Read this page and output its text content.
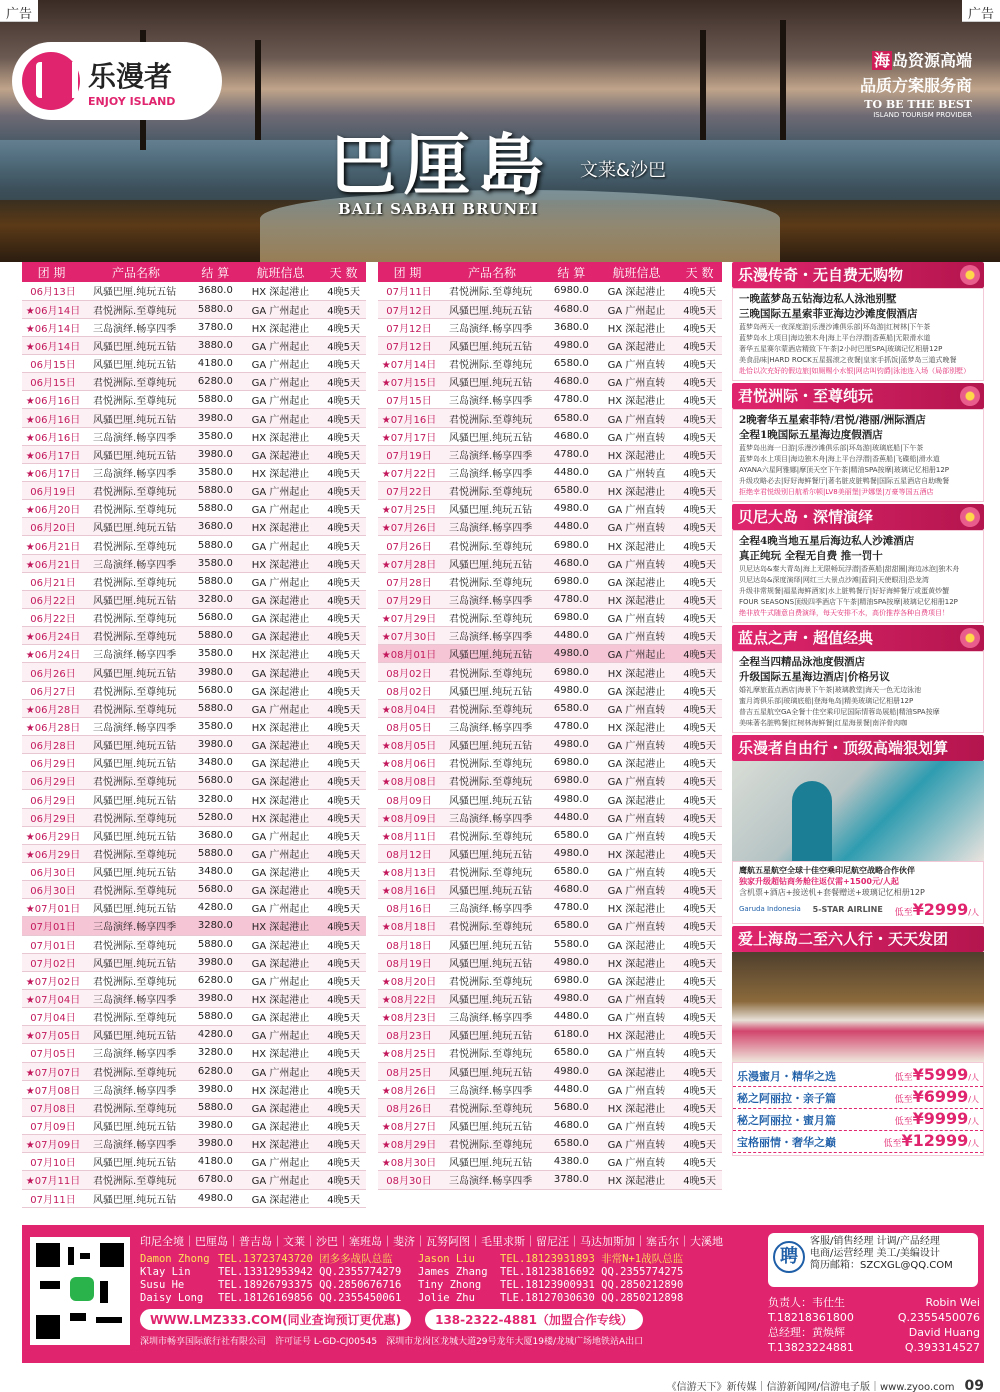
乐漫者
ENJOY ISLAND
巴厘島 文莱&沙巴
BALI SABAH BRUNEI
海 岛资源高端
品质方案服务商
TO BE THE BEST
ISLAND TOURISM PROVIDER
广告	广告
团 期	产品名称	结 算	航班信息	天 数
06月13日	风骚巴厘.纯玩五钻	3680.0	HX 深起港止	4晚5天
★06月14日	君悦洲际.至尊纯玩	5880.0	GA 广州起止	4晚5天
★06月14日	三岛演绎.畅享四季	3780.0	HX 深起港止	4晚5天
★06月14日	风骚巴厘.纯玩五钻	3880.0	GA 广州起止	4晚5天
06月15日	风骚巴厘.纯玩五钻	4180.0	GA 广州起止	4晚5天
06月15日	君悦洲际.至尊纯玩	6280.0	GA 广州起止	4晚5天
★06月16日	君悦洲际.至尊纯玩	5880.0	GA 广州起止	4晚5天
★06月16日	风骚巴厘.纯玩五钻	3980.0	GA 广州起止	4晚5天
★06月16日	三岛演绎.畅享四季	3580.0	HX 深起港止	4晚5天
★06月17日	风骚巴厘.纯玩五钻	3980.0	GA 深起港止	4晚5天
★06月17日	三岛演绎.畅享四季	3580.0	HX 深起港止	4晚5天
06月19日	君悦洲际.至尊纯玩	5880.0	GA 广州起止	4晚5天
★06月20日	君悦洲际.至尊纯玩	5880.0	GA 广州起止	4晚5天
06月20日	风骚巴厘.纯玩五钻	3680.0	HX 深起港止	4晚5天
★06月21日	君悦洲际.至尊纯玩	5880.0	GA 广州起止	4晚5天
★06月21日	三岛演绎.畅享四季	3580.0	HX 深起港止	4晚5天
06月21日	君悦洲际.至尊纯玩	5880.0	GA 广州起止	4晚5天
06月22日	风骚巴厘.纯玩五钻	3280.0	GA 深起港止	4晚5天
06月22日	君悦洲际.至尊纯玩	5680.0	GA 深起港止	4晚5天
★06月24日	君悦洲际.至尊纯玩	5880.0	GA 深起港止	4晚5天
★06月24日	三岛演绎.畅享四季	3580.0	HX 深起港止	4晚5天
06月26日	风骚巴厘.纯玩五钻	3980.0	GA 深起港止	4晚5天
06月27日	君悦洲际.至尊纯玩	5680.0	GA 深起港止	4晚5天
★06月28日	君悦洲际.至尊纯玩	5880.0	GA 广州起止	4晚5天
★06月28日	三岛演绎.畅享四季	3580.0	HX 深起港止	4晚5天
06月28日	风骚巴厘.纯玩五钻	3980.0	GA 深起港止	4晚5天
06月29日	风骚巴厘.纯玩五钻	3480.0	GA 深起港止	4晚5天
06月29日	君悦洲际.至尊纯玩	5680.0	GA 深起港止	4晚5天
06月29日	风骚巴厘.纯玩五钻	3280.0	HX 深起港止	4晚5天
06月29日	君悦洲际.至尊纯玩	5280.0	HX 深起港止	4晚5天
★06月29日	风骚巴厘.纯玩五钻	3680.0	GA 广州起止	4晚5天
★06月29日	君悦洲际.至尊纯玩	5880.0	GA 广州起止	4晚5天
06月30日	风骚巴厘.纯玩五钻	3480.0	GA 深起港止	4晚5天
06月30日	君悦洲际.至尊纯玩	5680.0	GA 深起港止	4晚5天
★07月01日	风骚巴厘.纯玩五钻	4280.0	GA 广州起止	4晚5天
07月01日	三岛演绎.畅享四季	3280.0	HX 深起港止	4晚5天
07月01日	君悦洲际.至尊纯玩	5880.0	GA 深起港止	4晚5天
07月02日	风骚巴厘.纯玩五钻	3980.0	GA 深起港止	4晚5天
★07月02日	君悦洲际.至尊纯玩	6280.0	GA 广州起止	4晚5天
★07月04日	三岛演绎.畅享四季	3980.0	HX 深起港止	4晚5天
07月04日	君悦洲际.至尊纯玩	5880.0	GA 深起港止	4晚5天
★07月05日	风骚巴厘.纯玩五钻	4280.0	GA 广州起止	4晚5天
07月05日	三岛演绎.畅享四季	3280.0	HX 深起港止	4晚5天
★07月07日	君悦洲际.至尊纯玩	6280.0	GA 广州起止	4晚5天
★07月08日	三岛演绎.畅享四季	3980.0	HX 深起港止	4晚5天
07月08日	君悦洲际.至尊纯玩	5880.0	GA 深起港止	4晚5天
07月09日	风骚巴厘.纯玩五钻	3980.0	GA 深起港止	4晚5天
★07月09日	三岛演绎.畅享四季	3980.0	HX 深起港止	4晚5天
07月10日	风骚巴厘.纯玩五钻	4180.0	GA 广州起止	4晚5天
★07月11日	君悦洲际.至尊纯玩	6780.0	GA 广州起止	4晚5天
07月11日	风骚巴厘.纯玩五钻	4980.0	GA 深起港止	4晚5天
团 期	产品名称	结 算	航班信息	天 数
07月11日	君悦洲际.至尊纯玩	6980.0	GA 深起港止	4晚5天
07月12日	风骚巴厘.纯玩五钻	4680.0	GA 广州起止	4晚5天
07月12日	三岛演绎.畅享四季	3680.0	HX 深起港止	4晚5天
07月12日	风骚巴厘.纯玩五钻	4980.0	GA 深起港止	4晚5天
★07月14日	君悦洲际.至尊纯玩	6580.0	GA 广州直转	4晚5天
★07月15日	风骚巴厘.纯玩五钻	4680.0	GA 广州直转	4晚5天
07月15日	三岛演绎.畅享四季	4780.0	HX 深起港止	4晚5天
★07月16日	君悦洲际.至尊纯玩	6580.0	GA 广州直转	4晚5天
★07月17日	风骚巴厘.纯玩五钻	4680.0	GA 广州直转	4晚5天
07月19日	三岛演绎.畅享四季	4780.0	HX 深起港止	4晚5天
★07月22日	三岛演绎.畅享四季	4480.0	GA 广州转直	4晚5天
07月22日	君悦洲际.至尊纯玩	6580.0	HX 深起港止	4晚5天
★07月25日	风骚巴厘.纯玩五钻	4980.0	GA 广州直转	4晚5天
★07月26日	三岛演绎.畅享四季	4480.0	GA 广州直转	4晚5天
07月26日	君悦洲际.至尊纯玩	6980.0	HX 深起港止	4晚5天
★07月28日	风骚巴厘.纯玩五钻	4680.0	GA 广州直转	4晚5天
07月28日	君悦洲际.至尊纯玩	6980.0	GA 深起港止	4晚5天
07月29日	三岛演绎.畅享四季	4780.0	HX 深起港止	4晚5天
★07月29日	君悦洲际.至尊纯玩	6980.0	GA 广州直转	4晚5天
★07月30日	三岛演绎.畅享四季	4480.0	GA 广州直转	4晚5天
★08月01日	风骚巴厘.纯玩五钻	4980.0	GA 广州起止	4晚5天
08月02日	君悦洲际.至尊纯玩	6980.0	HX 深起港止	4晚5天
08月02日	风骚巴厘.纯玩五钻	4980.0	GA 深起港止	4晚5天
★08月04日	君悦洲际.至尊纯玩	6580.0	GA 广州直转	4晚5天
08月05日	三岛演绎.畅享四季	4780.0	HX 深起港止	4晚5天
★08月05日	风骚巴厘.纯玩五钻	4980.0	GA 广州直转	4晚5天
★08月06日	君悦洲际.至尊纯玩	6980.0	GA 深起港止	4晚5天
★08月08日	君悦洲际.至尊纯玩	6980.0	GA 广州直转	4晚5天
08月09日	风骚巴厘.纯玩五钻	4980.0	GA 深起港止	4晚5天
★08月09日	三岛演绎.畅享四季	4480.0	GA 广州直转	4晚5天
★08月11日	君悦洲际.至尊纯玩	6580.0	GA 广州直转	4晚5天
08月12日	风骚巴厘.纯玩五钻	4980.0	HX 深起港止	4晚5天
★08月13日	君悦洲际.至尊纯玩	6580.0	GA 广州直转	4晚5天
★08月16日	风骚巴厘.纯玩五钻	4680.0	GA 广州直转	4晚5天
08月16日	三岛演绎.畅享四季	4780.0	HX 深起港止	4晚5天
★08月18日	君悦洲际.至尊纯玩	6580.0	GA 广州直转	4晚5天
08月18日	风骚巴厘.纯玩五钻	5580.0	GA 深起港止	4晚5天
08月19日	风骚巴厘.纯玩五钻	4980.0	HX 深起港止	4晚5天
★08月20日	君悦洲际.至尊纯玩	6980.0	GA 深起港止	4晚5天
★08月22日	风骚巴厘.纯玩五钻	4980.0	GA 广州直转	4晚5天
★08月23日	三岛演绎.畅享四季	4480.0	GA 广州直转	4晚5天
08月23日	风骚巴厘.纯玩五钻	6180.0	HX 深起港止	4晚5天
★08月25日	君悦洲际.至尊纯玩	6580.0	GA 广州直转	4晚5天
08月25日	风骚巴厘.纯玩五钻	4980.0	GA 深起港止	4晚5天
★08月26日	三岛演绎.畅享四季	4480.0	GA 广州直转	4晚5天
08月26日	君悦洲际.至尊纯玩	5680.0	HX 深起港止	4晚5天
★08月27日	风骚巴厘.纯玩五钻	4680.0	GA 广州直转	4晚5天
★08月29日	君悦洲际.至尊纯玩	6580.0	GA 广州直转	4晚5天
★08月30日	风骚巴厘.纯玩五钻	4380.0	GA 广州直转	4晚5天
08月30日	三岛演绎.畅享四季	3780.0	HX 深起港止	4晚5天
乐漫传奇・无自费无购物
一晚蓝梦岛五钻海边私人泳池别墅
三晚国际五星索菲亚海边沙滩度假酒店
蓝梦岛两天一夜深度游|乐漫沙滩俱乐部|环岛游|红树林|下午茶
蓝梦岛水上项目|海边独木舟|海上平台浮潜|香蕉船|无限滑水道
奢华五星赛尔蒙酒店精致下午茶|2小时巴厘SPA|玻璃记忆相册12P
美食品味|HARD ROCK五星摇滚之夜餐|皇家手抓饭|蓝梦岛三道式晚餐
赴恰以次充好的假边旅|如厕赐小水银|网店叫钧爵|泳池连入场（局部别墅）
君悦洲际・至尊纯玩
2晚奢华五星索菲特/君悦/港丽/洲际酒店
全程1晚国际五星海边度假酒店
蓝梦岛出海一日游|乐漫沙滩俱乐部|环岛游|玻璃底船|下午茶
蓝梦岛水上项目|海边独木舟|海上平台浮潜|香蕉船|飞碟船|滑水道
AYANA六星阿雅娜|摩顶天空下午茶|精油SPA按摩|玻璃记忆相册12P
升级攻略必去|好好海鲜餐厅|著名脏皮脏鸭餐|国际五星酒店自助晚餐
拒绝幸君悦级别日航希尔顿|LV8美丽堡|尹娜堡|万豪等国五酒店
贝尼大岛・深情演绎
全程4晚当地五星后海边私人沙滩酒店
真正纯玩 全程无自费 推一罚十
贝尼达岛&秦大青岛|海上无限畅玩浮潜|香蕉船|甜甜圈|海边冰泡|独木舟
贝尼达岛&深度演绎|网红三大景点沙滩|蓝洞|天使眼泪|恐龙湾
升级非常规餐|福星海鲜酒家|水上脏鸭餐厅|好好海鲜餐厅或蛋黄炒蟹
FOUR SEASONS顶级四季酒店下午茶|精油SPA按摩|玻璃记忆相册12P
绝非放牛式随意自费演绎，每天安排不水，高价推荐各种自费项目！
蓝点之声・超值经典
全程当四精品泳池度假酒店
升级国际五星海边酒店|价格另议
婚礼摩旅蓝点酒店|海景下午茶|玻璃教堂|海天一色无边泳池
蜜月湾俱乐部|玻璃底船|登海龟岛|精美玻璃记忆相册12P
普吉五星航空GA全餐十佳空乘印尼国际情蓉岛展船|精油SPA按摩
美味著名脏鸭餐|红树林海鲜餐|红星海景餐|南洋骨肉咖
乐漫者自由行・顶级高端狠划算
鹰航五星航空全球十佳空乘印尼航空战略合作伙伴
独家升级超钻商务舱往返仅需+1500元/人起
含机票+酒店+接送机+套餐赠送+玻璃记忆相册12P
Garuda Indonesia 5-STAR AIRLINE 低至¥2999/人
爱上海岛二至六人行・天天发团
乐漫蜜月・精华之选	低至¥5999/人
秘之阿丽拉・亲子篇	低至¥6999/人
秘之阿丽拉・蜜月篇	低至¥9999/人
宝格丽情・奢华之巅	低至¥12999/人
印尼全境｜巴厘岛｜普吉岛｜文莱｜沙巴｜塞班岛｜斐济｜瓦努阿图｜毛里求斯｜留尼汪｜马达加斯加｜塞舌尔｜大溪地
Damon Zhong TEL.13723743720 团多多战队总监	Jason Liu	TEL.18123931893 非常N+1战队总监
Klay Lin	TEL.13312953942 QQ.2355774279	James Zhang	TEL.18123816692 QQ.2355774275
Susu He	TEL.18926793375 QQ.2850676716	Tiny Zhong	TEL.18123900931 QQ.2850212890
Daisy Long	TEL.18126169856 QQ.2355450061	Jolie Zhu	TLE.18127030630 QQ.2850212898
WWW.LMZ333.COM(同业查询预订更优惠)	138-2322-4881（加盟合作专线）
深圳市畅享国际旅行社有限公司　 许可证号 L-GD-CJ00545　 深圳市龙岗区龙城大道29号龙年大厦19楼/龙城广场地铁站A出口
聘
客服/销售经理 计调/产品经理
电商/运营经理 美工/美编设计
简历邮箱：SZCXGL@QQ.COM
负责人：韦仕生	Robin Wei
T.18218361800	Q.2355450076
总经理：黄焕辉	David Huang
T.13823224881	Q.393314527
《信游天下》新传媒｜信游新闻网/信游电子版｜www.zyoo.com　 09
